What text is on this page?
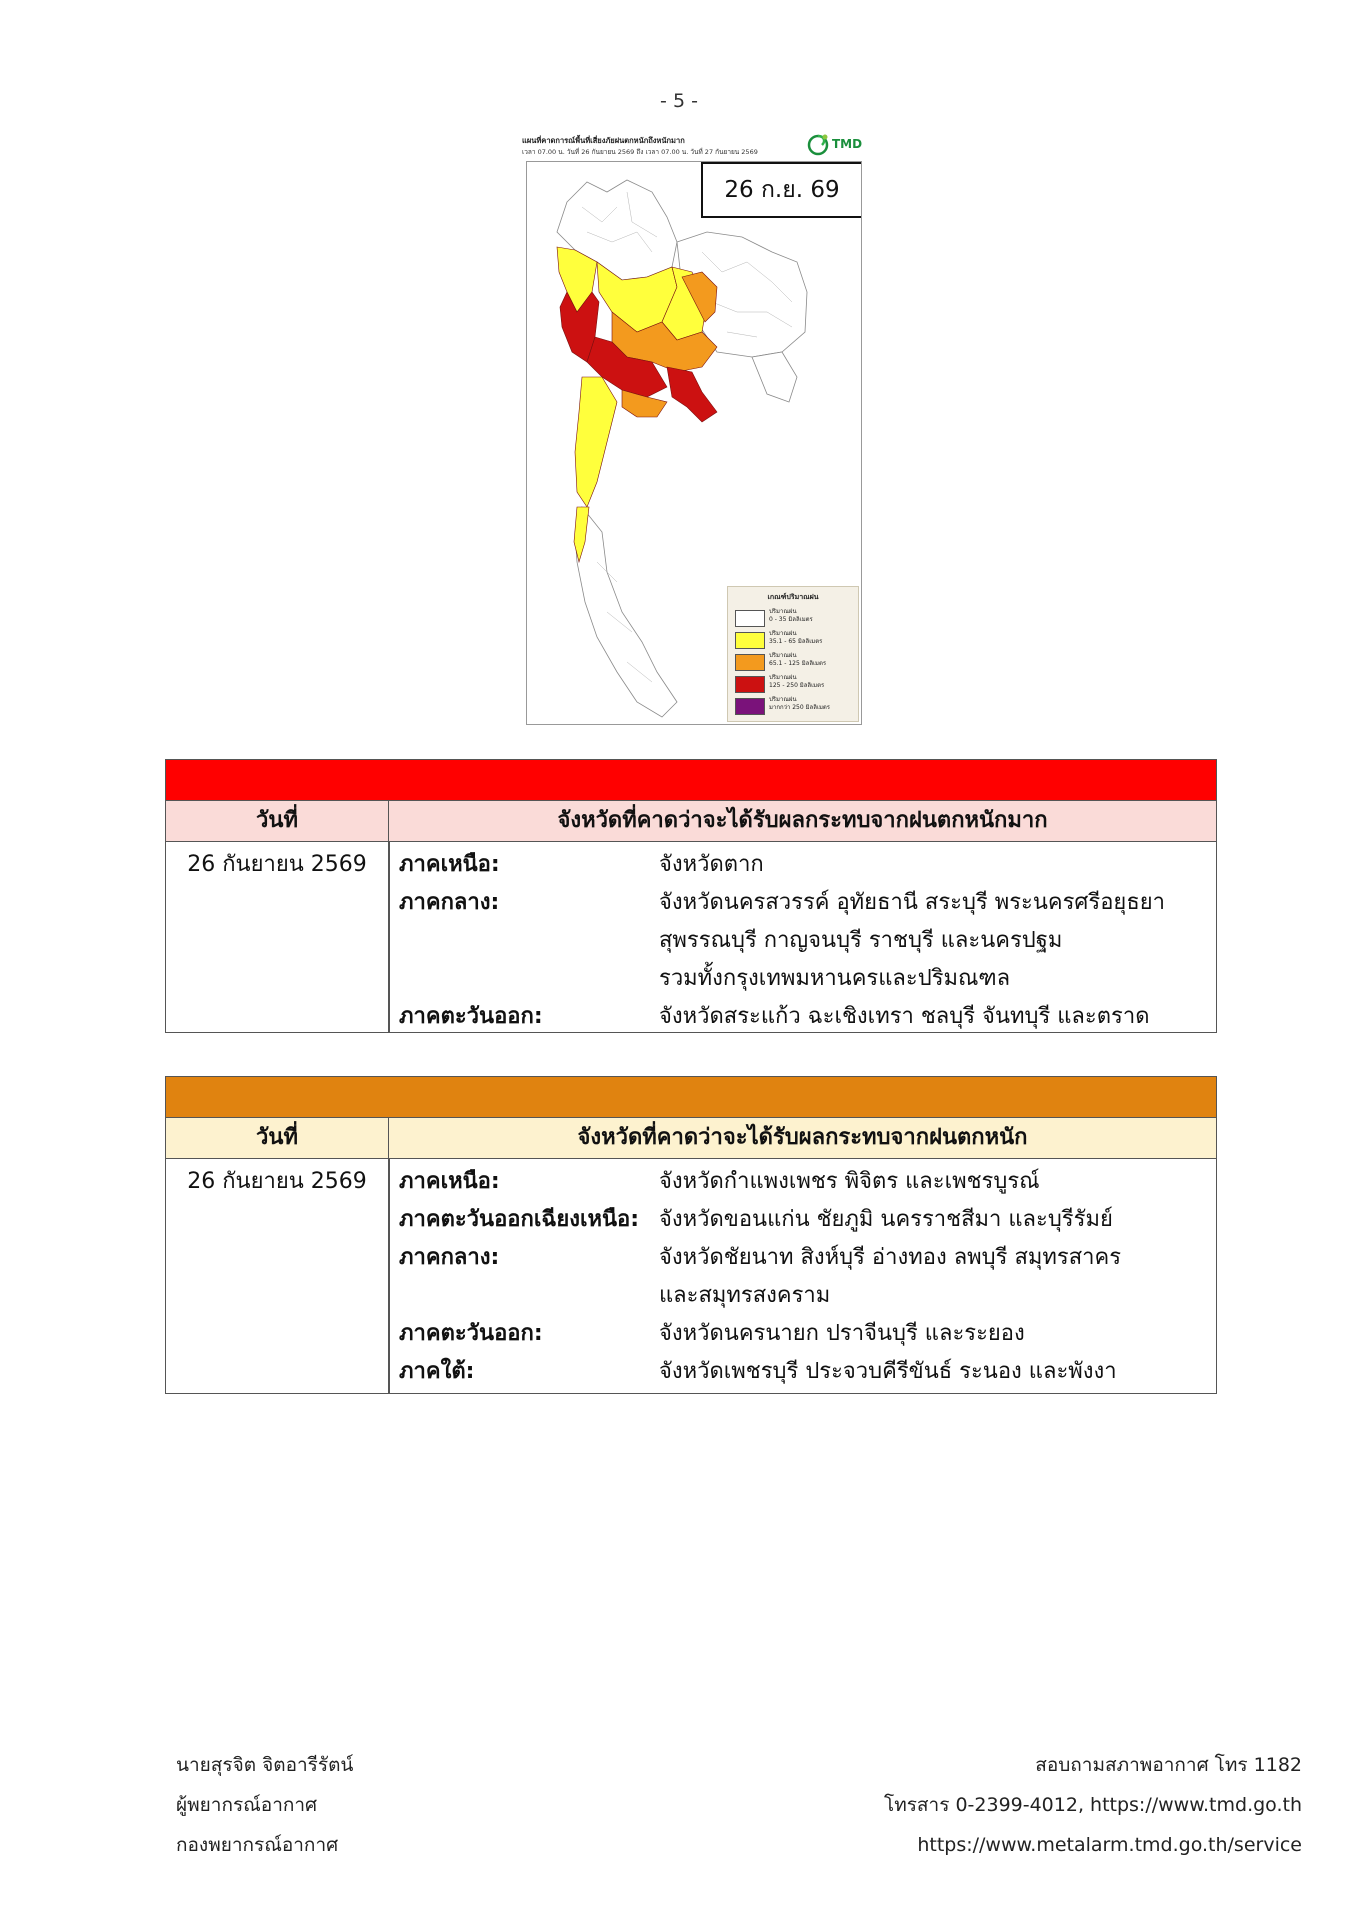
- 5 -
แผนที่คาดการณ์พื้นที่เสี่ยงภัยฝนตกหนักถึงหนักมาก
เวลา 07.00 น. วันที่ 26 กันยายน 2569 ถึง เวลา 07.00 น. วันที่ 27 กันยายน 2569
TMD
26 ก.ย. 69
เกณฑ์ปริมาณฝน
ปริมาณฝน
0 - 35 มิลลิเมตร
ปริมาณฝน
35.1 - 65 มิลลิเมตร
ปริมาณฝน
65.1 - 125 มิลลิเมตร
ปริมาณฝน
125 - 250 มิลลิเมตร
ปริมาณฝน
มากกว่า 250 มิลลิเมตร
วันที่	จังหวัดที่คาดว่าจะได้รับผลกระทบจากฝนตกหนักมาก
26 กันยายน 2569	ภาคเหนือ:	จังหวัดตาก
ภาคกลาง:	จังหวัดนครสวรรค์ อุทัยธานี สระบุรี พระนครศรีอยุธยา
สุพรรณบุรี กาญจนบุรี ราชบุรี และนครปฐม
รวมทั้งกรุงเทพมหานครและปริมณฑล
ภาคตะวันออก:	จังหวัดสระแก้ว ฉะเชิงเทรา ชลบุรี จันทบุรี และตราด
วันที่	จังหวัดที่คาดว่าจะได้รับผลกระทบจากฝนตกหนัก
26 กันยายน 2569	ภาคเหนือ:	จังหวัดกำแพงเพชร พิจิตร และเพชรบูรณ์
ภาคตะวันออกเฉียงเหนือ: จังหวัดขอนแก่น ชัยภูมิ นครราชสีมา และบุรีรัมย์
ภาคกลาง:	จังหวัดชัยนาท สิงห์บุรี อ่างทอง ลพบุรี สมุทรสาคร
และสมุทรสงคราม
ภาคตะวันออก:	จังหวัดนครนายก ปราจีนบุรี และระยอง
ภาคใต้:	จังหวัดเพชรบุรี ประจวบคีรีขันธ์ ระนอง และพังงา
นายสุรจิต จิตอารีรัตน์
ผู้พยากรณ์อากาศ
กองพยากรณ์อากาศ
สอบถามสภาพอากาศ โทร 1182
โทรสาร 0-2399-4012, https://www.tmd.go.th
https://www.metalarm.tmd.go.th/service
